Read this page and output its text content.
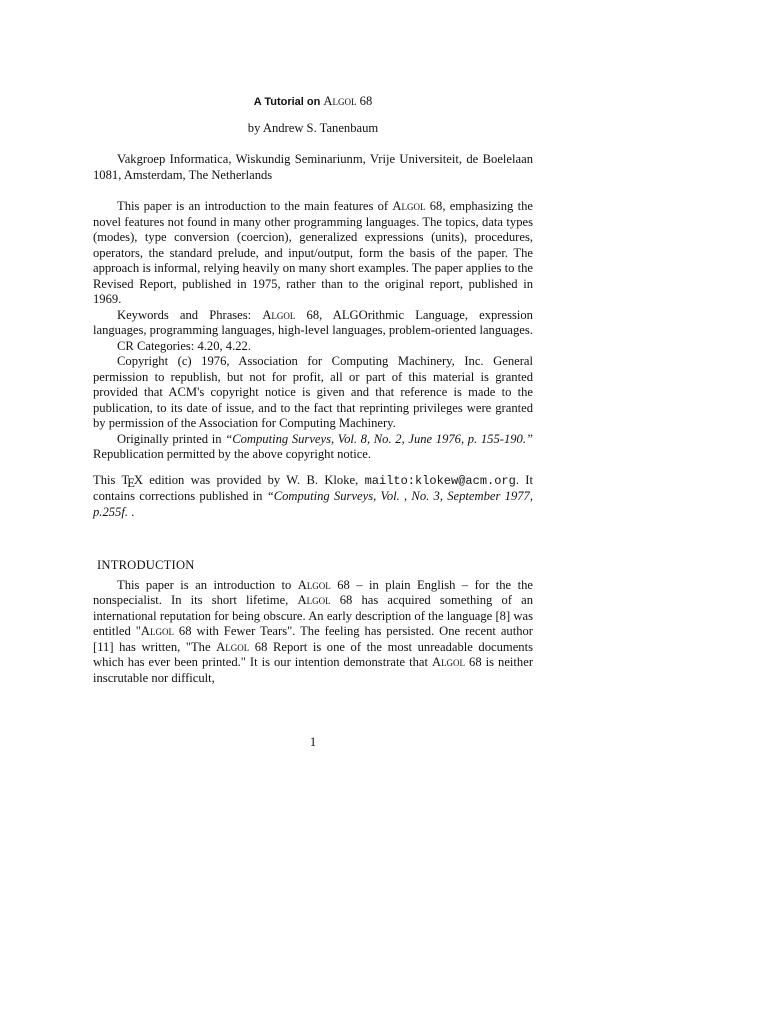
A Tutorial on Algol 68
by Andrew S. Tanenbaum

Vakgroep Informatica, Wiskundig Seminariunm, Vrije Universiteit, de Boelelaan 1081, Amsterdam, The Netherlands

This paper is an introduction to the main features of Algol 68, emphasizing the novel features not found in many other programming languages. The topics, data types (modes), type conversion (coercion), generalized expressions (units), procedures, operators, the standard prelude, and input/output, form the basis of the paper. The approach is informal, relying heavily on many short examples. The paper applies to the Revised Report, published in 1975, rather than to the original report, published in 1969.

Keywords and Phrases: Algol 68, ALGOrithmic Language, expression languages, programming languages, high-level languages, problem-oriented languages.

CR Categories: 4.20, 4.22.

Copyright (c) 1976, Association for Computing Machinery, Inc. General permission to republish, but not for profit, all or part of this material is granted provided that ACM's copyright notice is given and that reference is made to the publication, to its date of issue, and to the fact that reprinting privileges were granted by permission of the Association for Computing Machinery.

Originally printed in “Computing Surveys, Vol. 8, No. 2, June 1976, p. 155-190.” Republication permitted by the above copyright notice.

This TEX edition was provided by W. B. Kloke, mailto:klokew@acm.org. It contains corrections published in “Computing Surveys, Vol. , No. 3, September 1977, p.255f. .

INTRODUCTION

This paper is an introduction to Algol 68 – in plain English – for the the nonspecialist. In its short lifetime, Algol 68 has acquired something of an international reputation for being obscure. An early description of the language [8] was entitled "Algol 68 with Fewer Tears". The feeling has persisted. One recent author [11] has written, "The Algol 68 Report is one of the most unreadable documents which has ever been printed." It is our intention demonstrate that Algol 68 is neither inscrutable nor difficult,

1
